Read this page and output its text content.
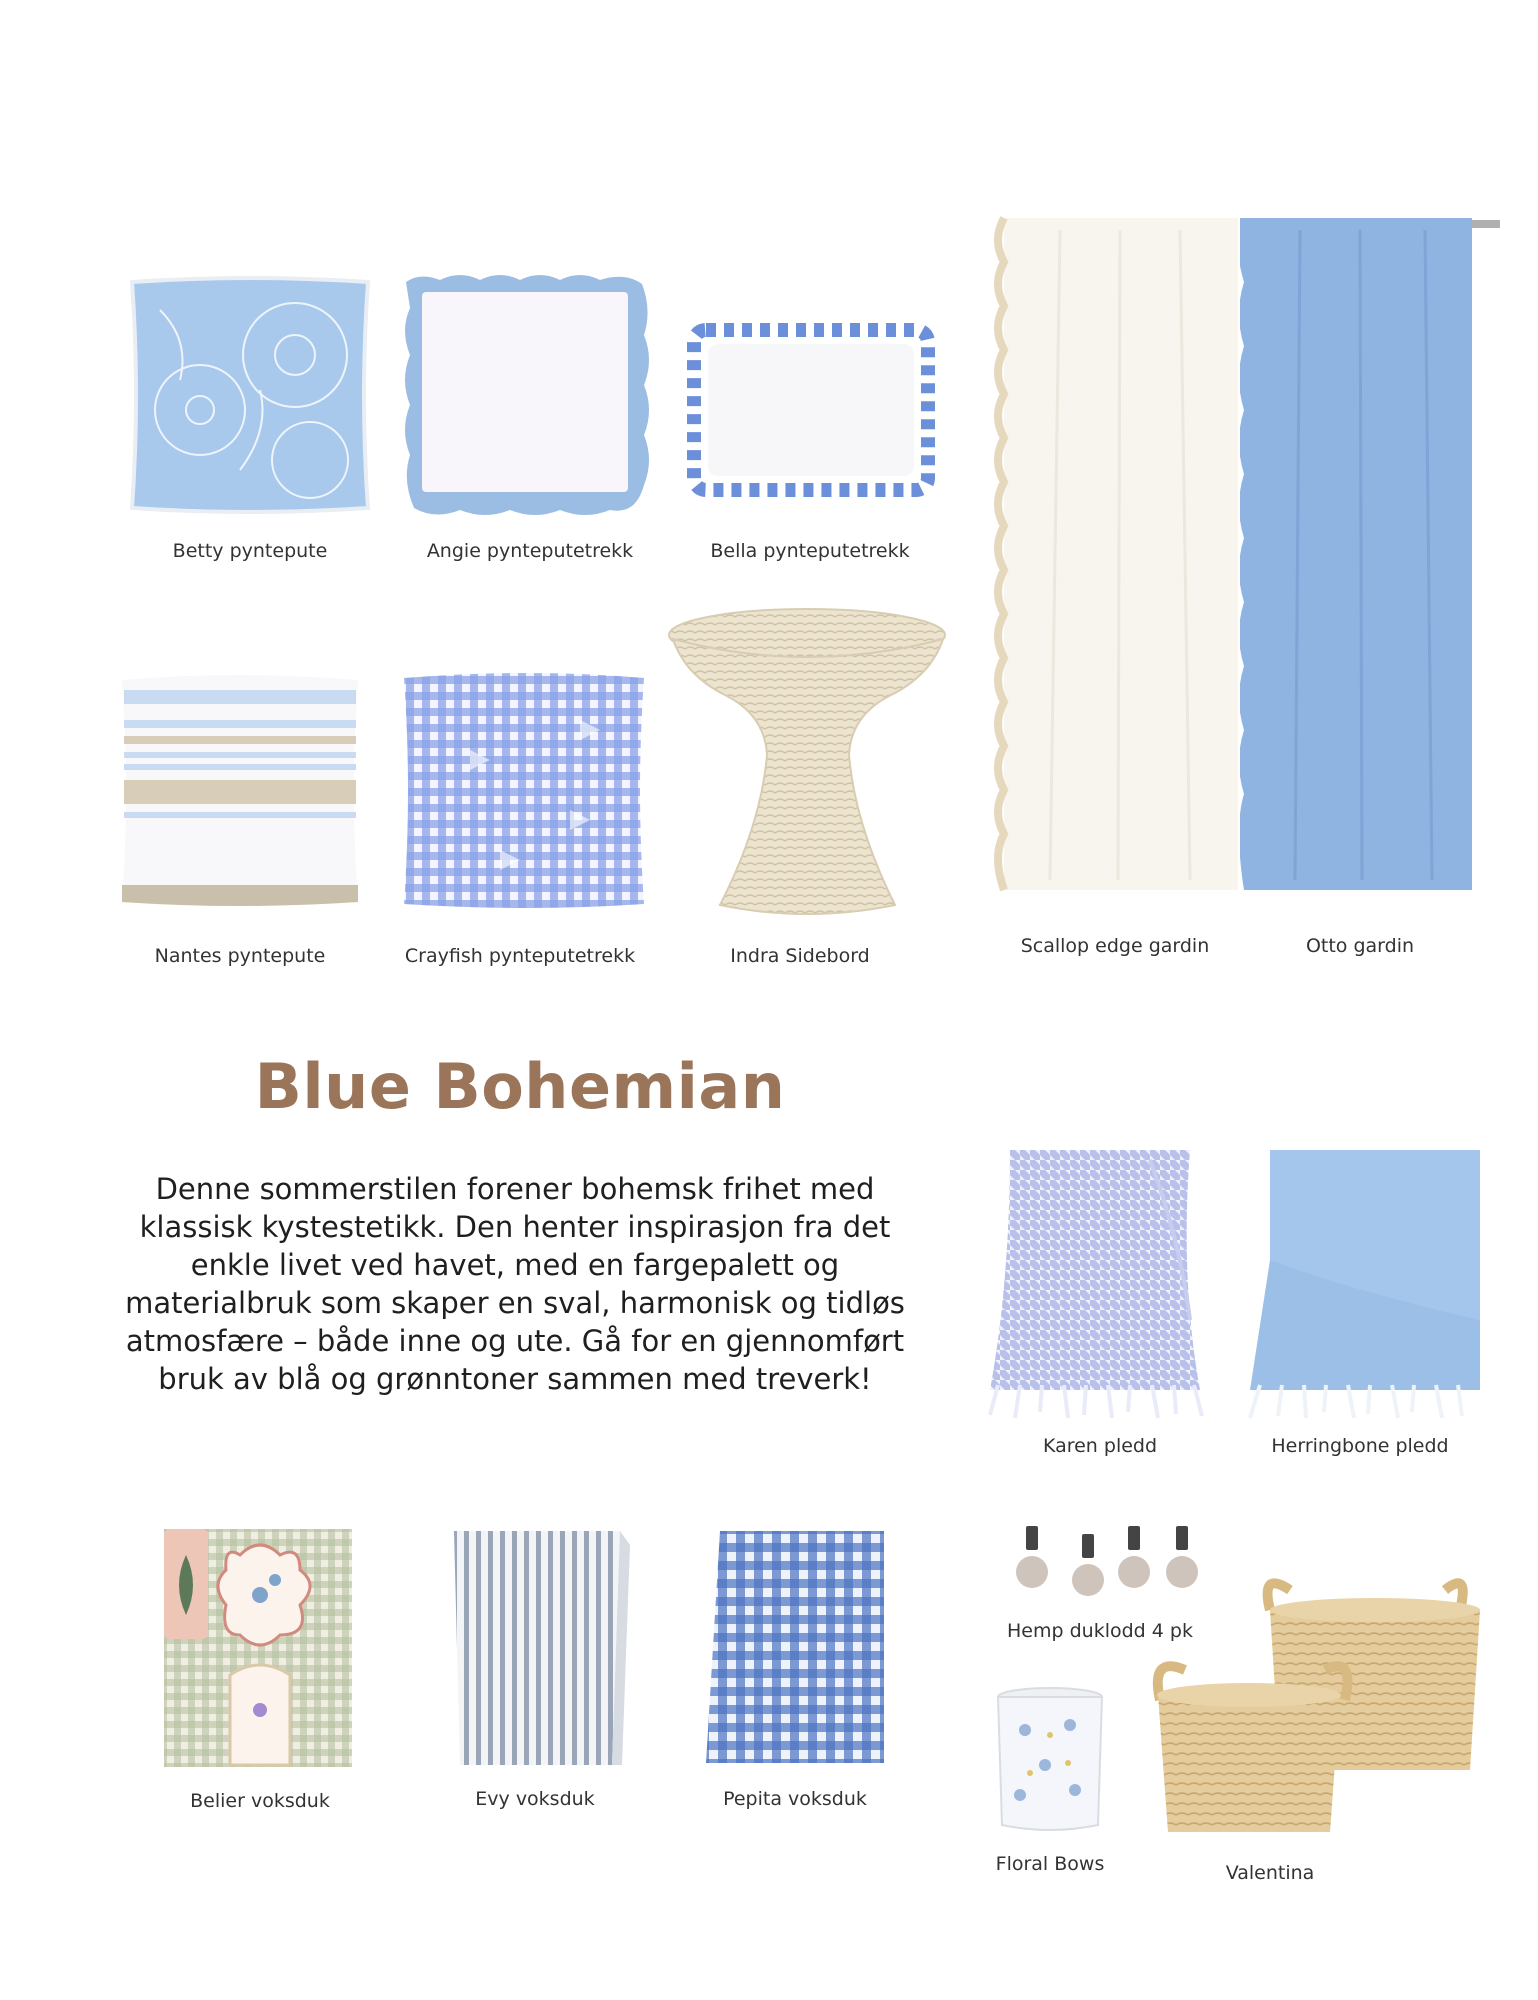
Betty pyntepute	Angie pynteputetrekk	Bella pynteputetrekk
Scallop edge gardin	Otto gardin
Nantes pyntepute	Crayfish pynteputetrekk	Indra Sidebord
Blue Bohemian

Denne sommerstilen forener bohemsk frihet med klassisk kystestetikk. Den henter inspirasjon fra det enkle livet ved havet, med en fargepalett og materialbruk som skaper en sval, harmonisk og tidløs atmosfære – både inne og ute. Gå for en gjennomført bruk av blå og grønntoner sammen med treverk!

Karen pledd	Herringbone pledd
Hemp duklodd 4 pk
Belier voksduk	Evy voksduk	Pepita voksduk
Floral Bows	Valentina
